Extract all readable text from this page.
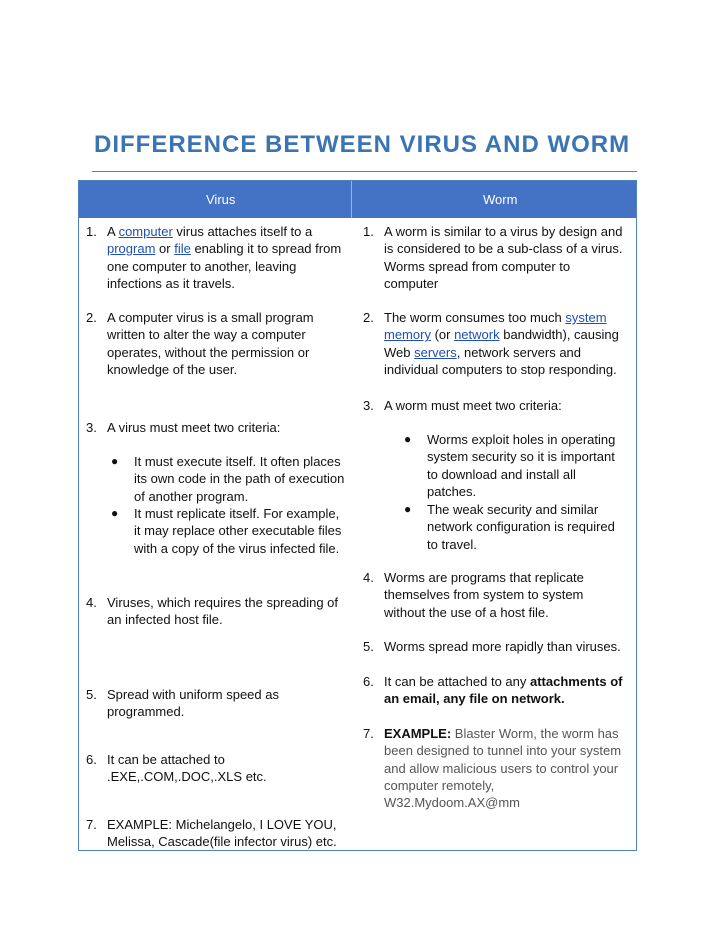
DIFFERENCE BETWEEN VIRUS AND WORM
Virus	Worm
1. A computer virus attaches itself to a
program or file enabling it to spread from
one computer to another, leaving
infections as it travels.
2. A computer virus is a small program
written to alter the way a computer
operates, without the permission or
knowledge of the user.
3. A virus must meet two criteria:
● It must execute itself. It often places
its own code in the path of execution
of another program.
● It must replicate itself. For example,
it may replace other executable files
with a copy of the virus infected file.
4. Viruses, which requires the spreading of
an infected host file.
5. Spread with uniform speed as
programmed.
6. It can be attached to
.EXE,.COM,.DOC,.XLS etc.
7. EXAMPLE: Michelangelo, I LOVE YOU,
Melissa, Cascade(file infector virus) etc.
1. A worm is similar to a virus by design and
is considered to be a sub-class of a virus.
Worms spread from computer to
computer
2. The worm consumes too much system
memory (or network bandwidth), causing
Web servers, network servers and
individual computers to stop responding.
3. A worm must meet two criteria:
● Worms exploit holes in operating
system security so it is important
to download and install all
patches.
● The weak security and similar
network configuration is required
to travel.
4. Worms are programs that replicate
themselves from system to system
without the use of a host file.
5. Worms spread more rapidly than viruses.
6. It can be attached to any attachments of
an email, any file on network.
7. EXAMPLE: Blaster Worm, the worm has
been designed to tunnel into your system
and allow malicious users to control your
computer remotely,
W32.Mydoom.AX@mm
